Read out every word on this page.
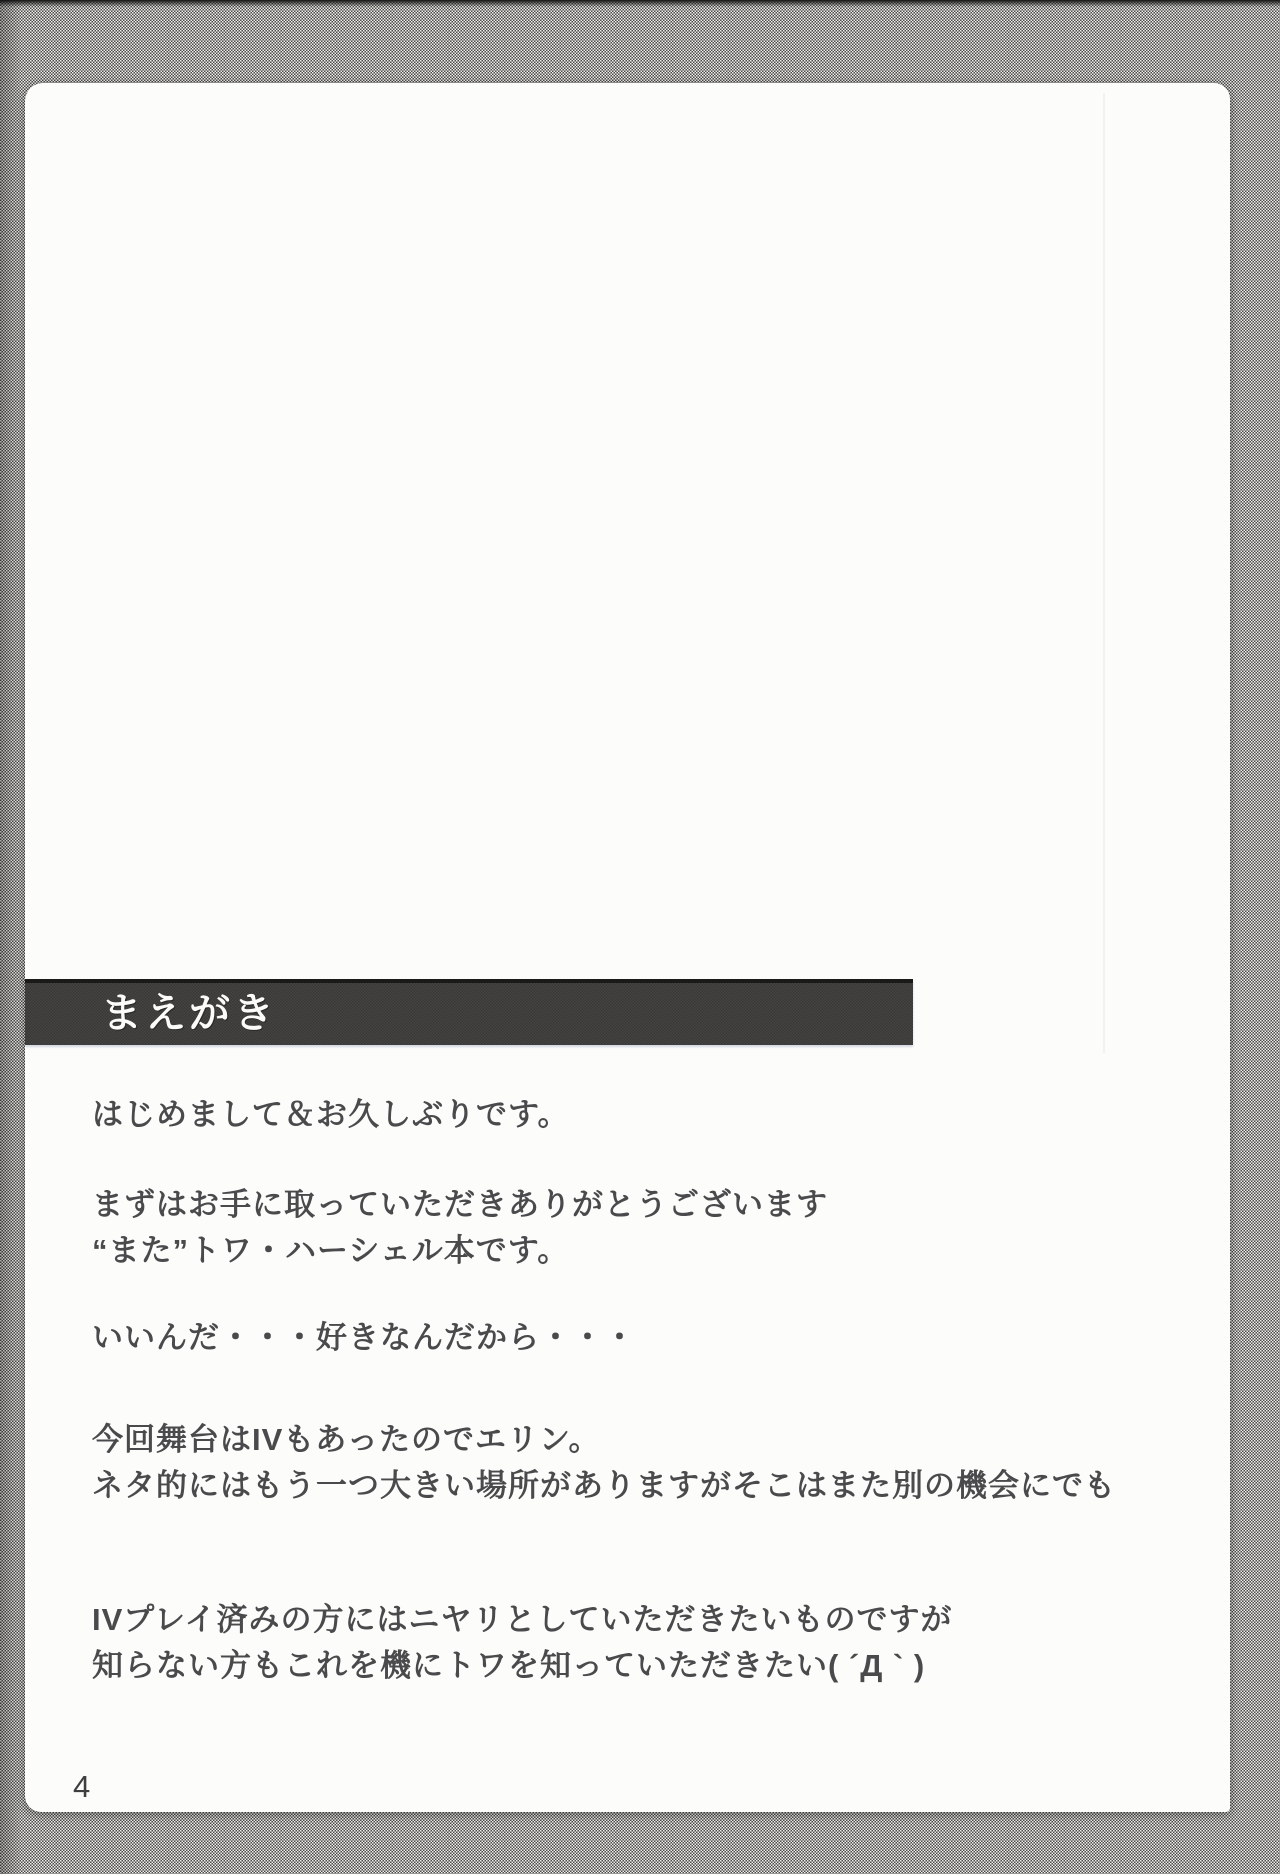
まえがき

はじめまして＆お久しぶりです。

まずはお手に取っていただきありがとうございます
“また”トワ・ハーシェル本です。

いいんだ・・・好きなんだから・・・

今回舞台はIVもあったのでエリン。
ネタ的にはもう一つ大きい場所がありますがそこはまた別の機会にでも

IVプレイ済みの方にはニヤリとしていただきたいものですが
知らない方もこれを機にトワを知っていただきたい( ´Д ` )

4
